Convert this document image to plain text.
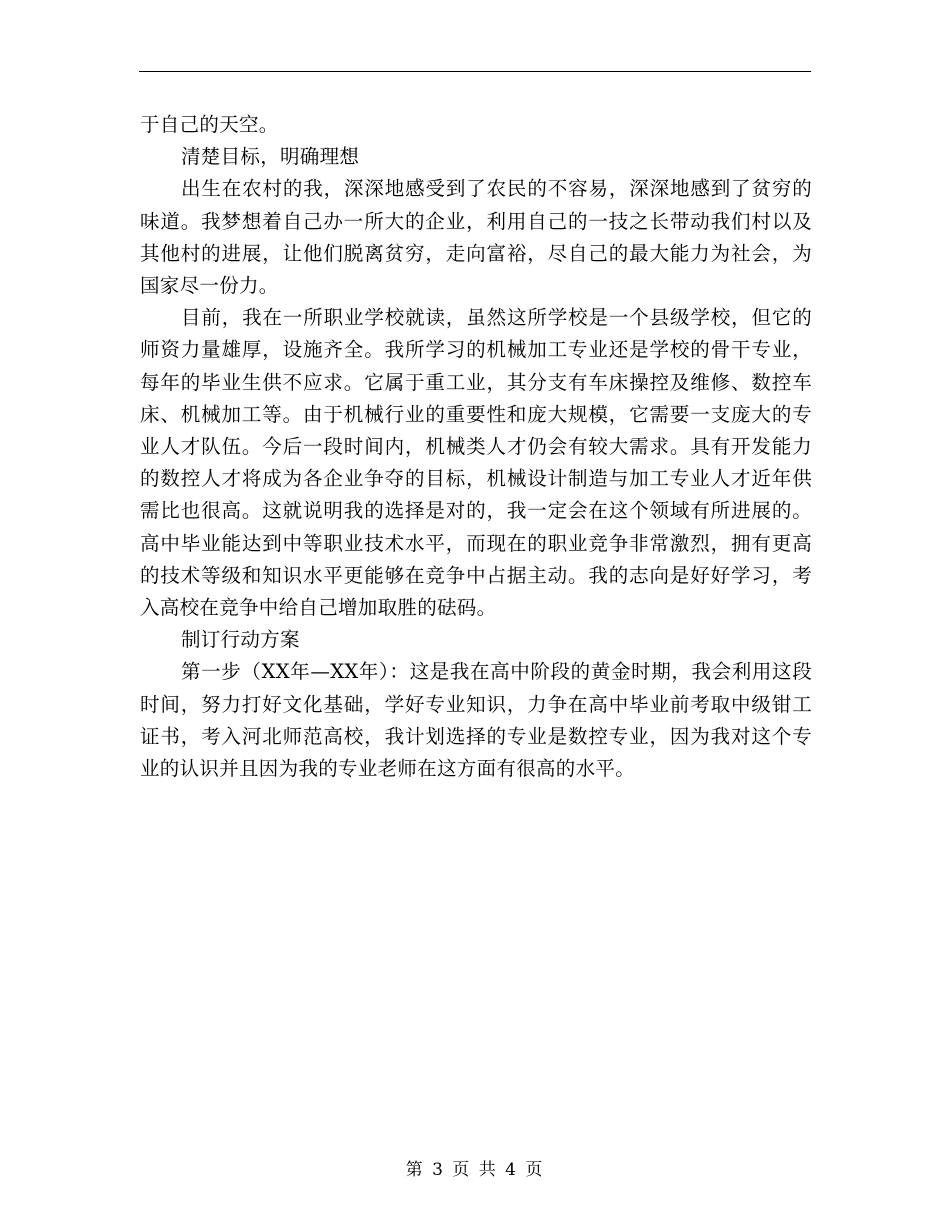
于自己的天空。

清楚目标，明确理想

出生在农村的我，深深地感受到了农民的不容易，深深地感到了贫穷的味道。我梦想着自己办一所大的企业，利用自己的一技之长带动我们村以及其他村的进展，让他们脱离贫穷，走向富裕，尽自己的最大能力为社会，为国家尽一份力。

目前，我在一所职业学校就读，虽然这所学校是一个县级学校，但它的师资力量雄厚，设施齐全。我所学习的机械加工专业还是学校的骨干专业，每年的毕业生供不应求。它属于重工业，其分支有车床操控及维修、数控车床、机械加工等。由于机械行业的重要性和庞大规模，它需要一支庞大的专业人才队伍。今后一段时间内，机械类人才仍会有较大需求。具有开发能力的数控人才将成为各企业争夺的目标，机械设计制造与加工专业人才近年供需比也很高。这就说明我的选择是对的，我一定会在这个领域有所进展的。高中毕业能达到中等职业技术水平，而现在的职业竞争非常激烈，拥有更高的技术等级和知识水平更能够在竞争中占据主动。我的志向是好好学习，考入高校在竞争中给自己增加取胜的砝码。

制订行动方案

第一步（XX年—XX年）：这是我在高中阶段的黄金时期，我会利用这段时间，努力打好文化基础，学好专业知识，力争在高中毕业前考取中级钳工证书，考入河北师范高校，我计划选择的专业是数控专业，因为我对这个专业的认识并且因为我的专业老师在这方面有很高的水平。

第 3 页 共 4 页
